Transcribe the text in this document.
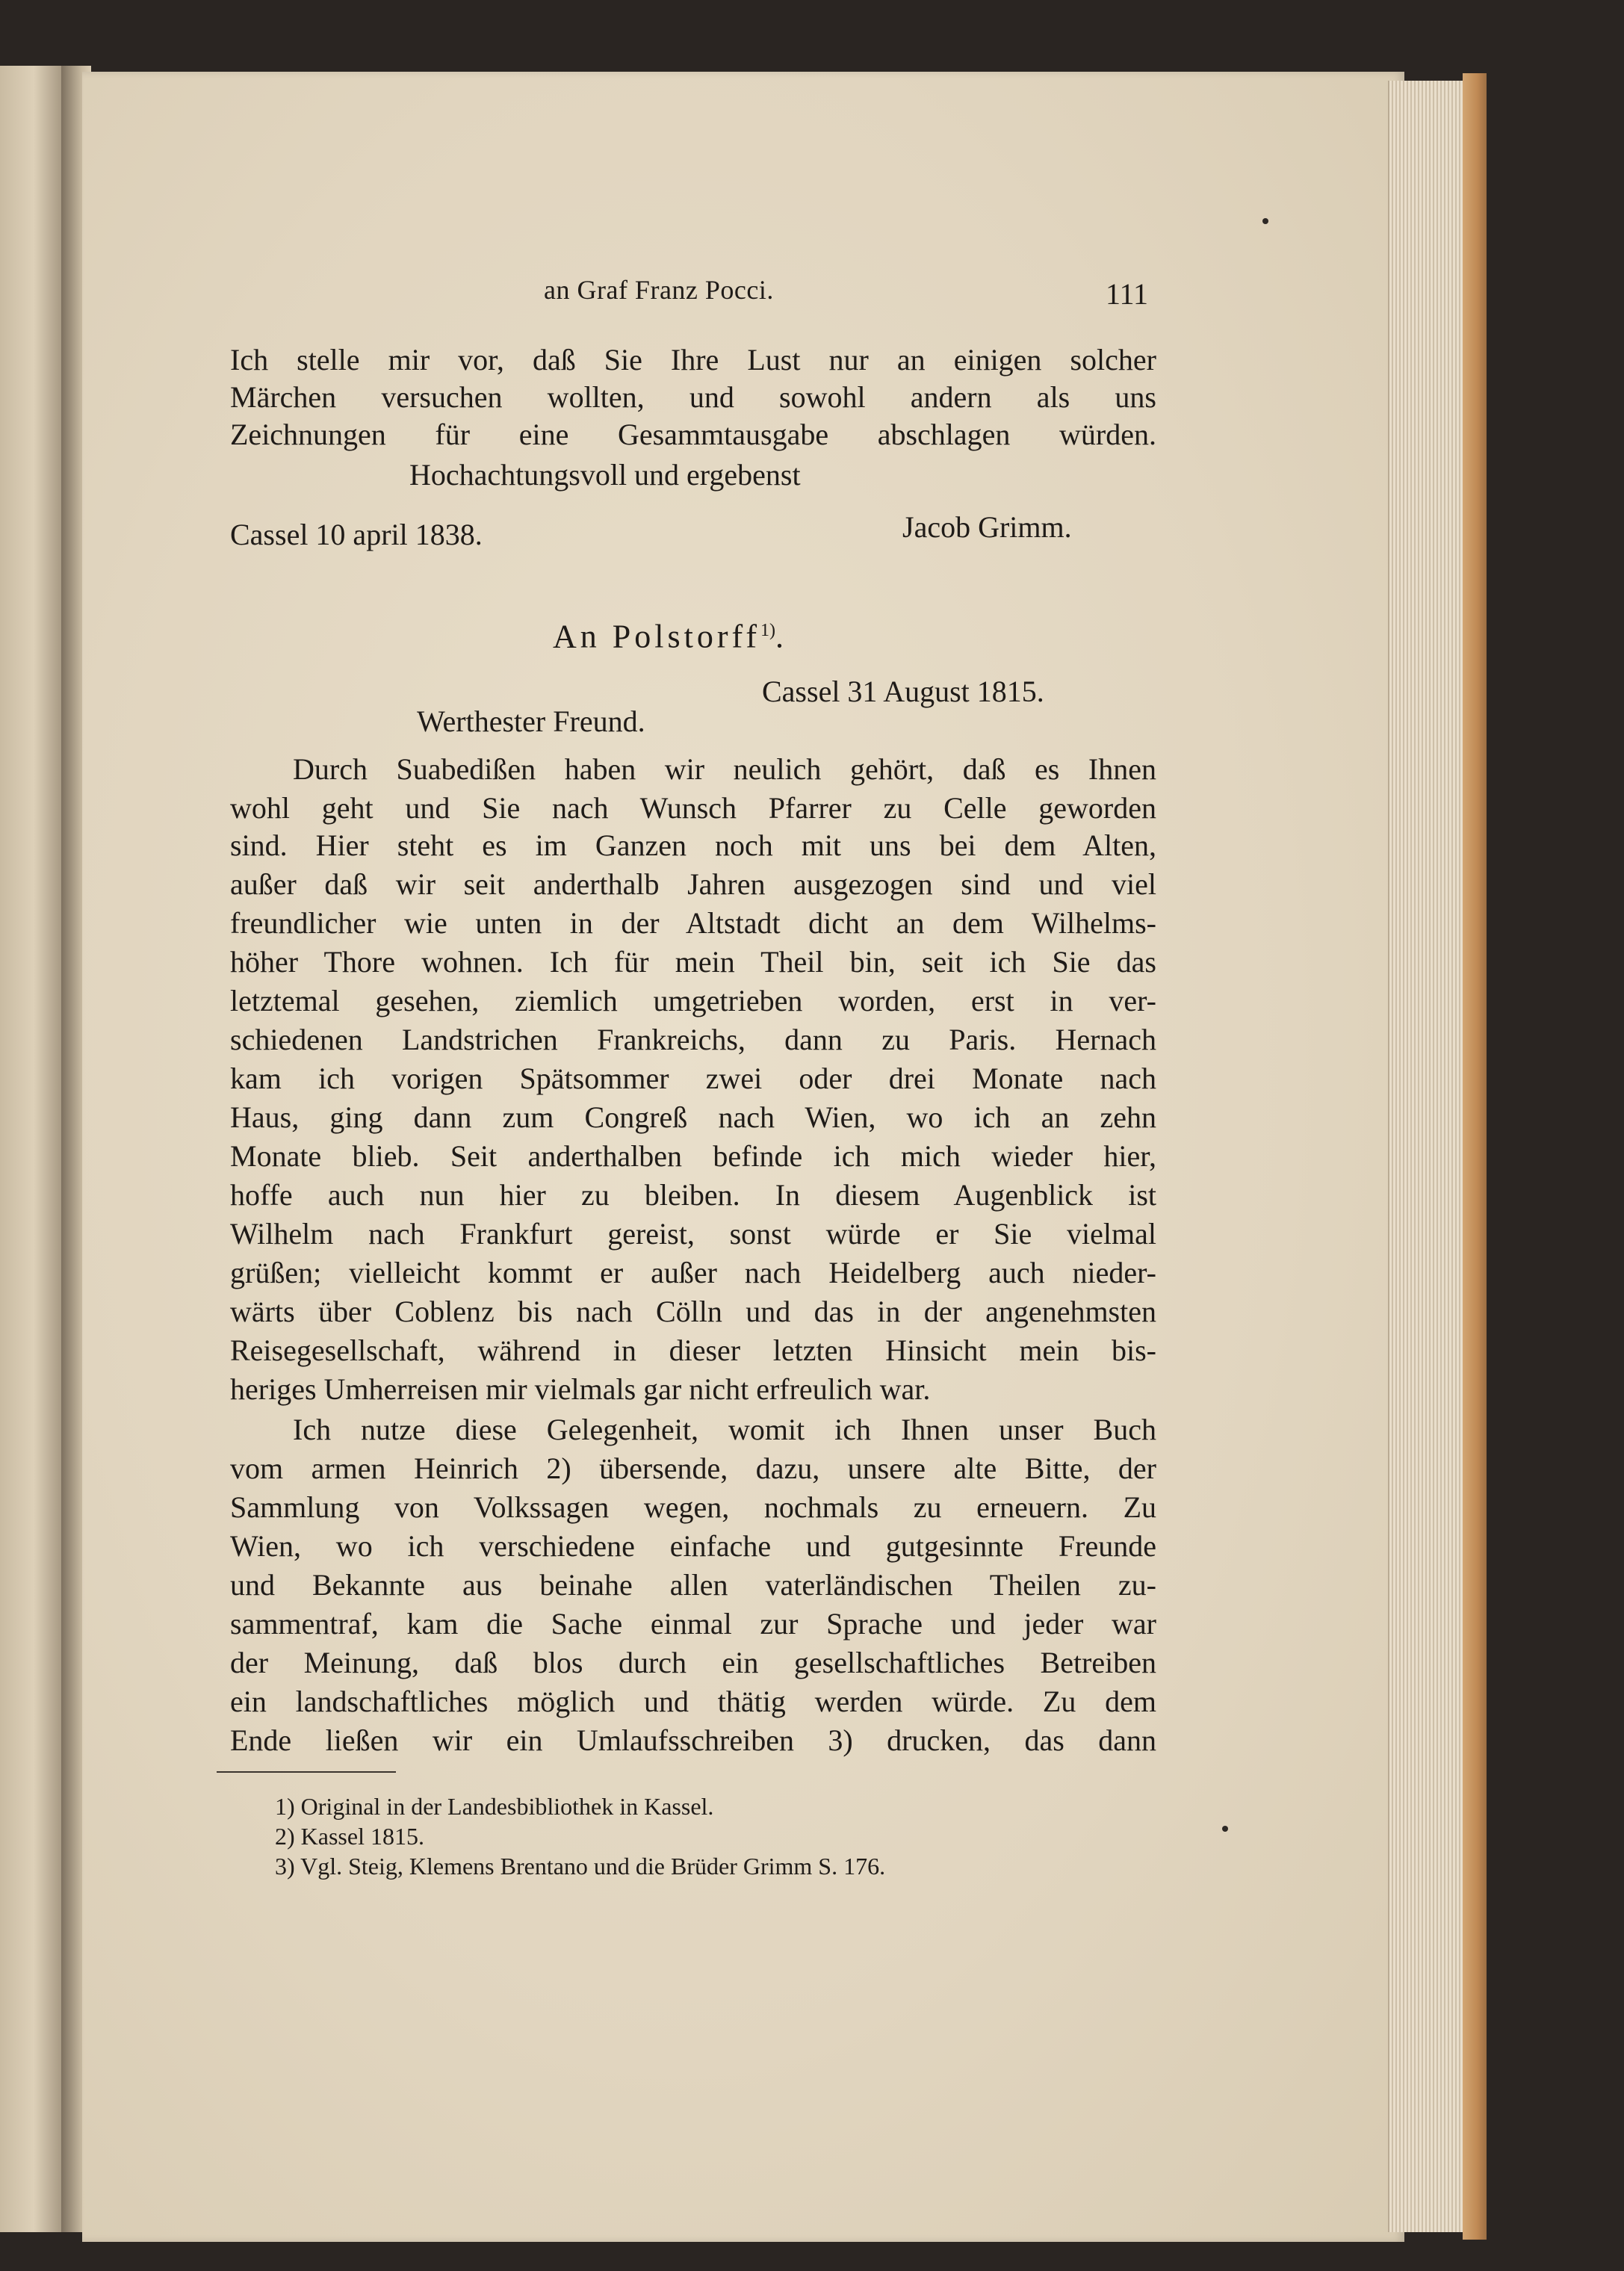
an Graf Franz Pocci.	111
Ich stelle mir vor, daß Sie Ihre Lust nur an einigen solcher
Märchen versuchen wollten, und sowohl andern als uns
Zeichnungen für eine Gesammtausgabe abschlagen würden.
Hochachtungsvoll und ergebenst
Cassel 10 april 1838.	Jacob Grimm.
An Polstorff$^{1)}$.
Cassel 31 August 1815.
Werthester Freund.
Durch Suabedißen haben wir neulich gehört, daß es Ihnen
wohl geht und Sie nach Wunsch Pfarrer zu Celle geworden
sind. Hier steht es im Ganzen noch mit uns bei dem Alten,
außer daß wir seit anderthalb Jahren ausgezogen sind und viel
freundlicher wie unten in der Altstadt dicht an dem Wilhelms-
höher Thore wohnen. Ich für mein Theil bin, seit ich Sie das
letztemal gesehen, ziemlich umgetrieben worden, erst in ver-
schiedenen Landstrichen Frankreichs, dann zu Paris. Hernach
kam ich vorigen Spätsommer zwei oder drei Monate nach
Haus, ging dann zum Congreß nach Wien, wo ich an zehn
Monate blieb. Seit anderthalben befinde ich mich wieder hier,
hoffe auch nun hier zu bleiben. In diesem Augenblick ist
Wilhelm nach Frankfurt gereist, sonst würde er Sie vielmal
grüßen; vielleicht kommt er außer nach Heidelberg auch nieder-
wärts über Coblenz bis nach Cölln und das in der angenehmsten
Reisegesellschaft, während in dieser letzten Hinsicht mein bis-
heriges Umherreisen mir vielmals gar nicht erfreulich war.
Ich nutze diese Gelegenheit, womit ich Ihnen unser Buch
vom armen Heinrich 2) übersende, dazu, unsere alte Bitte, der
Sammlung von Volkssagen wegen, nochmals zu erneuern. Zu
Wien, wo ich verschiedene einfache und gutgesinnte Freunde
und Bekannte aus beinahe allen vaterländischen Theilen zu-
sammentraf, kam die Sache einmal zur Sprache und jeder war
der Meinung, daß blos durch ein gesellschaftliches Betreiben
ein landschaftliches möglich und thätig werden würde. Zu dem
Ende ließen wir ein Umlaufsschreiben 3) drucken, das dann
1) Original in der Landesbibliothek in Kassel.
2) Kassel 1815.
3) Vgl. Steig, Klemens Brentano und die Brüder Grimm S. 176.
